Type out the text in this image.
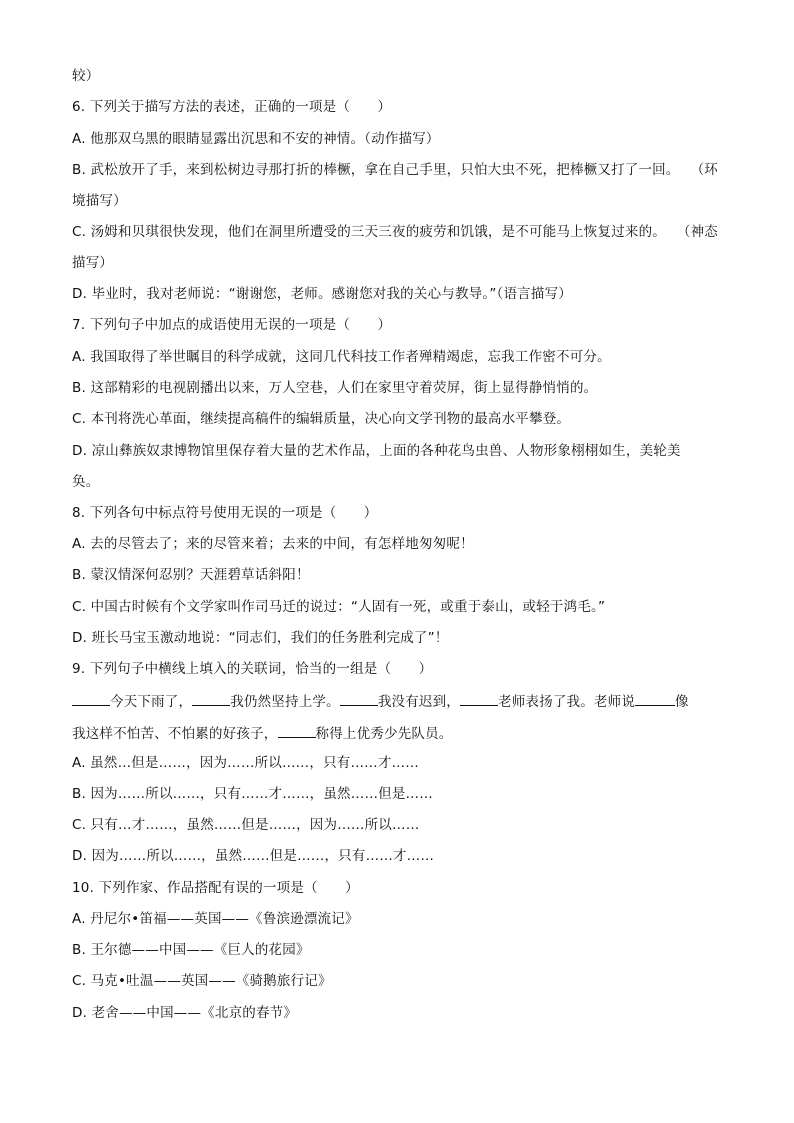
较）
6. 下列关于描写方法的表述，正确的一项是（　　）
A. 他那双乌黑的眼睛显露出沉思和不安的神情。（动作描写）
B. 武松放开了手，来到松树边寻那打折的棒橛，拿在自己手里，只怕大虫不死，把棒橛又打了一回。 （环
境描写）
C. 汤姆和贝琪很快发现，他们在洞里所遭受的三天三夜的疲劳和饥饿，是不可能马上恢复过来的。 （神态
描写）
D. 毕业时，我对老师说：“谢谢您，老师。感谢您对我的关心与教导。”（语言描写）
7. 下列句子中加点的成语使用无误的一项是（　　）
A. 我国取得了举世瞩目的科学成就，这同几代科技工作者殚精竭虑，忘我工作密不可分。
B. 这部精彩的电视剧播出以来，万人空巷，人们在家里守着荧屏，街上显得静悄悄的。
C. 本刊将洗心革面，继续提高稿件的编辑质量，决心向文学刊物的最高水平攀登。
D. 凉山彝族奴隶博物馆里保存着大量的艺术作品，上面的各种花鸟虫兽、人物形象栩栩如生，美轮美
奂。
8. 下列各句中标点符号使用无误的一项是（　　）
A. 去的尽管去了；来的尽管来着；去来的中间，有怎样地匆匆呢！
B. 蒙汉情深何忍别？天涯碧草话斜阳！
C. 中国古时候有个文学家叫作司马迁的说过：“人固有一死，或重于泰山，或轻于鸿毛。”
D. 班长马宝玉激动地说：“同志们，我们的任务胜利完成了”！
9. 下列句子中横线上填入的关联词，恰当的一组是（　　）
今天下雨了，	我仍然坚持上学。	我没有迟到，	老师表扬了我。老师说	像
我这样不怕苦、不怕累的好孩子，	称得上优秀少先队员。
A. 虽然…但是……，因为……所以……，只有……才……
B. 因为……所以……，只有……才……，虽然……但是……
C. 只有…才……，虽然……但是……，因为……所以……
D. 因为……所以……，虽然……但是……，只有……才……
10. 下列作家、作品搭配有误的一项是（　　）
A. 丹尼尔•笛福——英国——《鲁滨逊漂流记》
B. 王尔德——中国——《巨人的花园》
C. 马克•吐温——英国——《骑鹅旅行记》
D. 老舍——中国——《北京的春节》
